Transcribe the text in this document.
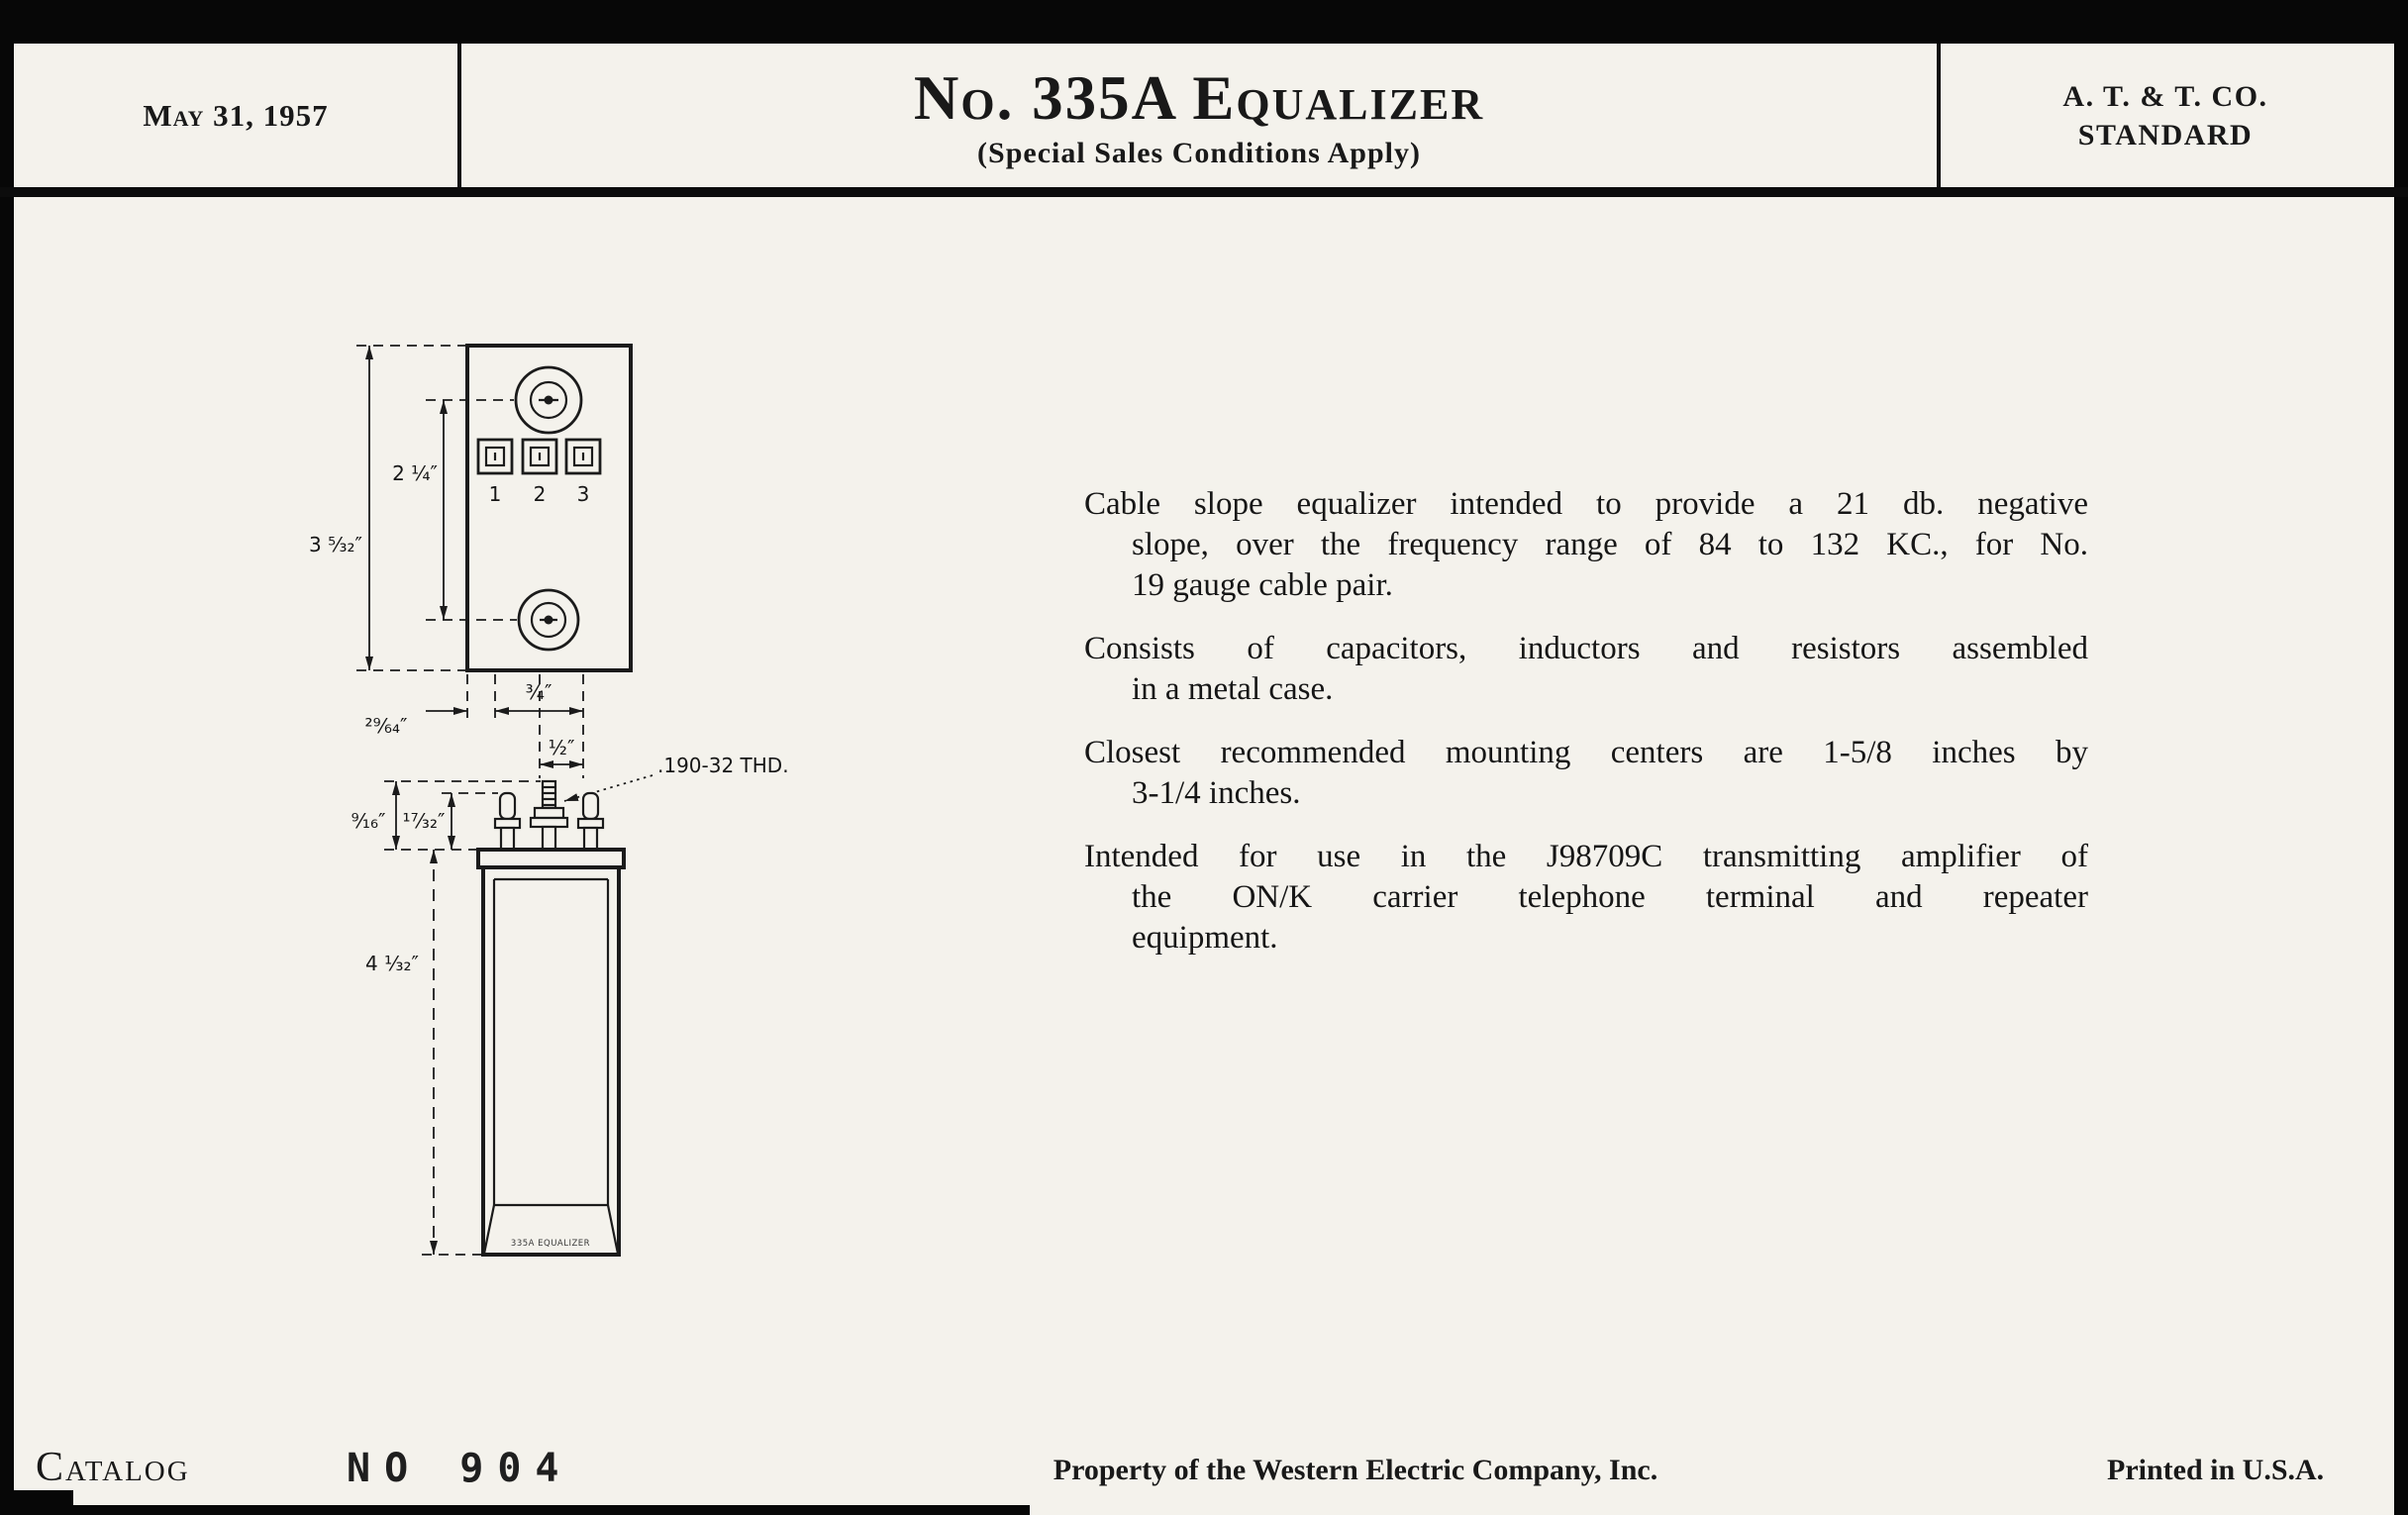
May 31, 1957	No. 335A Equalizer
(Special Sales Conditions Apply)
A. T. & T. CO.
STANDARD
1 2 3
3 ⁵⁄₃₂″
2 ¹⁄₄″
²⁹⁄₆₄″
³⁄₄″
¹⁄₂″
.190-32 THD.
335A EQUALIZER
⁹⁄₁₆″ ¹⁷⁄₃₂″
4 ¹⁄₃₂″
Cable slope equalizer intended to provide a 21 db. negative
slope, over the frequency range of 84 to 132 KC., for No.
19 gauge cable pair.
Consists of capacitors, inductors and resistors assembled
in a metal case.
Closest recommended mounting centers are 1-5/8 inches by
3-1/4 inches.
Intended for use in the J98709C transmitting amplifier of
the ON/K carrier telephone terminal and repeater
equipment.
Catalog	NO 904	Property of the Western Electric Company, Inc.	Printed in U.S.A.
